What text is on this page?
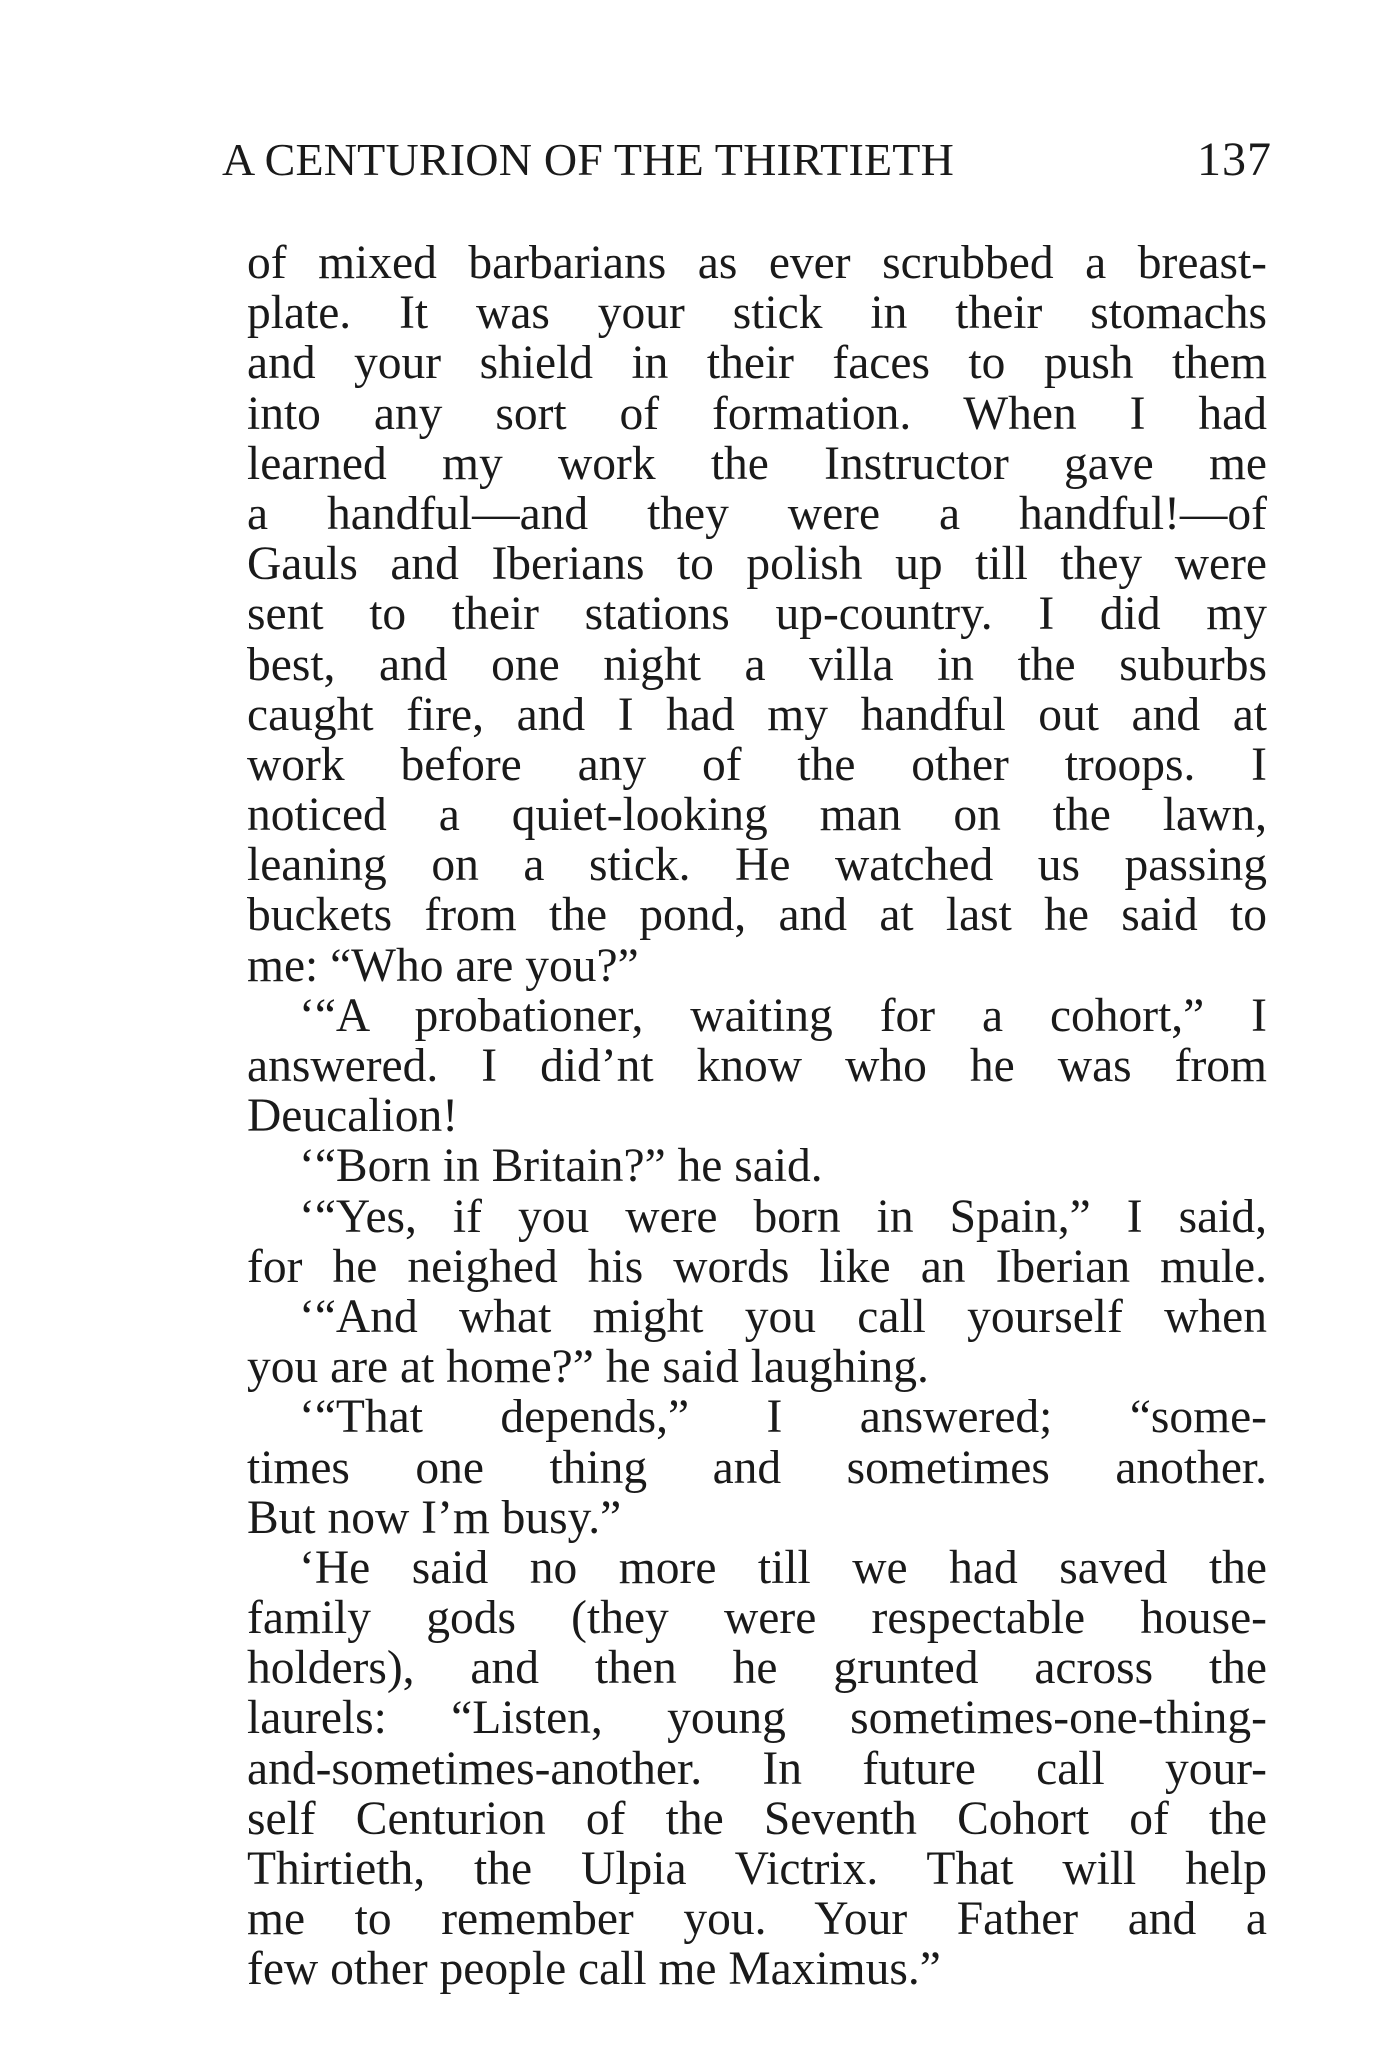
A CENTURION OF THE THIRTIETH	137
of mixed barbarians as ever scrubbed a breast-
plate. It was your stick in their stomachs
and your shield in their faces to push them
into any sort of formation. When I had
learned my work the Instructor gave me
a handful—and they were a handful!—of
Gauls and Iberians to polish up till they were
sent to their stations up-country. I did my
best, and one night a villa in the suburbs
caught fire, and I had my handful out and at
work before any of the other troops. I
noticed a quiet-looking man on the lawn,
leaning on a stick. He watched us passing
buckets from the pond, and at last he said to
me: “Who are you?”
‘“A probationer, waiting for a cohort,” I
answered. I did’nt know who he was from
Deucalion!
‘“Born in Britain?” he said.
‘“Yes, if you were born in Spain,” I said,
for he neighed his words like an Iberian mule.
‘“And what might you call yourself when
you are at home?” he said laughing.
‘“That depends,” I answered; “some-
times one thing and sometimes another.
But now I’m busy.”
‘He said no more till we had saved the
family gods (they were respectable house-
holders), and then he grunted across the
laurels: “Listen, young sometimes-one-thing-
and-sometimes-another. In future call your-
self Centurion of the Seventh Cohort of the
Thirtieth, the Ulpia Victrix. That will help
me to remember you. Your Father and a
few other people call me Maximus.”
